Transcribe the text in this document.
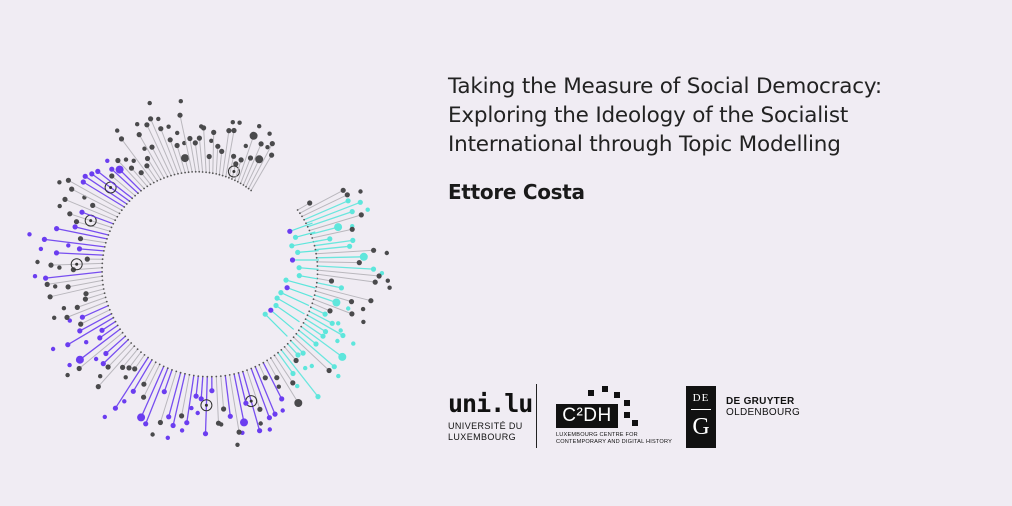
Taking the Measure of Social Democracy:
Exploring the Ideology of the Socialist
International through Topic Modelling

Ettore Costa

uni.lu
UNIVERSITÉ DU
LUXEMBOURG
C²DH
LUXEMBOURG CENTRE FOR
CONTEMPORARY AND DIGITAL HISTORY
DE
G
DE GRUYTER
OLDENBOURG
